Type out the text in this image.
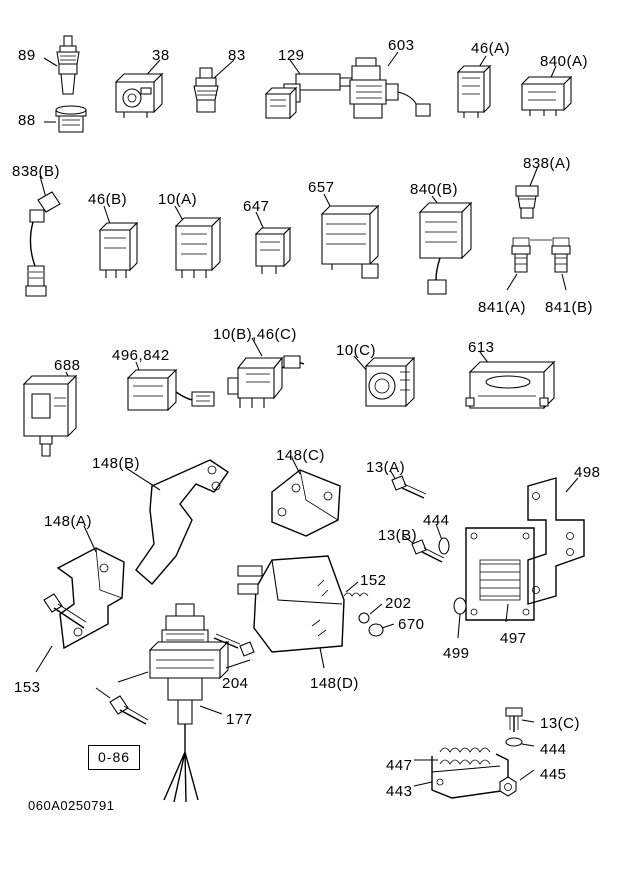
89	38	83 129
603	46(A)
840(A)
88
838(B)	838(A)
46(B) 10(A)	647
657	840(B)
841(A) 841(B)
10(B),46(C)
10(C)	613
688
496,842
148(B)	148(C)
13(A)	498
444
13(B)
148(A)
152
202
670
499
497
153	204	148(D)
177	13(C)
444
447
445
443
0-86
060A0250791
